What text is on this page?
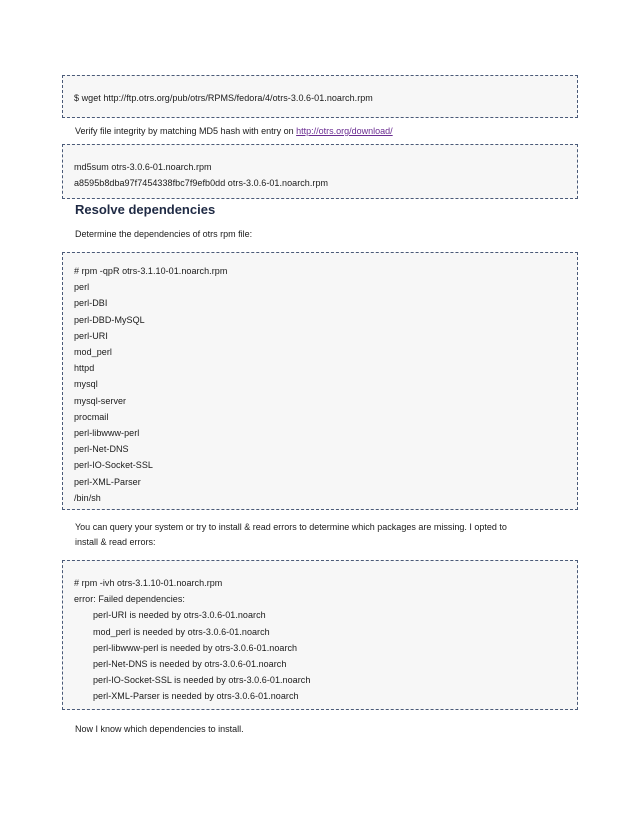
$ wget http://ftp.otrs.org/pub/otrs/RPMS/fedora/4/otrs-3.0.6-01.noarch.rpm
Verify file integrity by matching MD5 hash with entry on http://otrs.org/download/
md5sum otrs-3.0.6-01.noarch.rpm
a8595b8dba97f7454338fbc7f9efb0dd otrs-3.0.6-01.noarch.rpm
Resolve dependencies
Determine the dependencies of otrs rpm file:
# rpm -qpR otrs-3.1.10-01.noarch.rpm
perl
perl-DBI
perl-DBD-MySQL
perl-URI
mod_perl
httpd
mysql
mysql-server
procmail
perl-libwww-perl
perl-Net-DNS
perl-IO-Socket-SSL
perl-XML-Parser
/bin/sh
You can query your system or try to install & read errors to determine which packages are missing. I opted to
install & read errors:
# rpm -ivh otrs-3.1.10-01.noarch.rpm
error: Failed dependencies:
perl-URI is needed by otrs-3.0.6-01.noarch
mod_perl is needed by otrs-3.0.6-01.noarch
perl-libwww-perl is needed by otrs-3.0.6-01.noarch
perl-Net-DNS is needed by otrs-3.0.6-01.noarch
perl-IO-Socket-SSL is needed by otrs-3.0.6-01.noarch
perl-XML-Parser is needed by otrs-3.0.6-01.noarch
Now I know which dependencies to install.
